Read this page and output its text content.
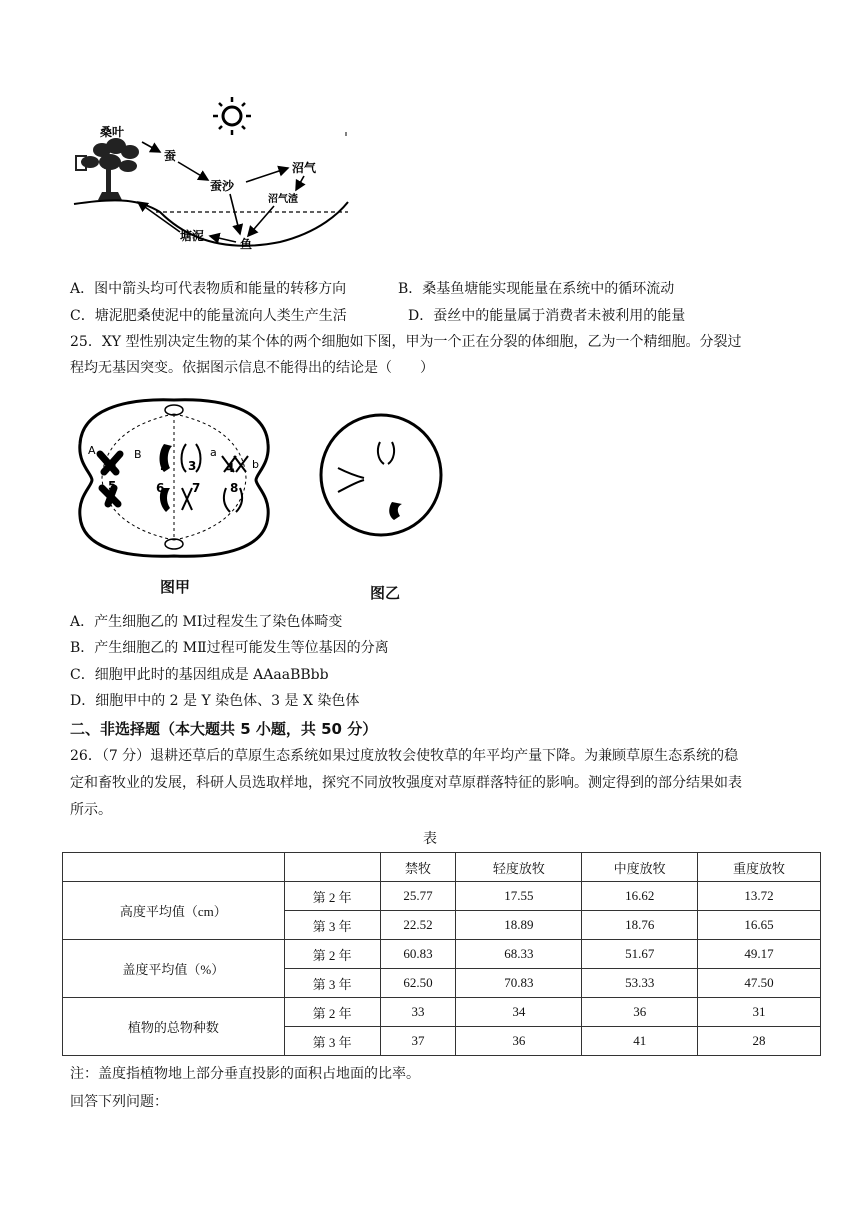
桑叶
蚕
蚕沙
沼气
沼气渣
塘泥
鱼
A．图中箭头均可代表物质和能量的转移方向	B．桑基鱼塘能实现能量在系统中的循环流动
C．塘泥肥桑使泥中的能量流向人类生产生活	D．蚕丝中的能量属于消费者未被利用的能量
25．XY 型性别决定生物的某个体的两个细胞如下图，甲为一个正在分裂的体细胞，乙为一个精细胞。分裂过
程均无基因突变。依据图示信息不能得出的结论是（　　）
A	B	a
b
1	2 3 4
5	6 7 8
图甲	图乙
A．产生细胞乙的 MⅠ过程发生了染色体畸变
B．产生细胞乙的 MⅡ过程可能发生等位基因的分离
C．细胞甲此时的基因组成是 AAaaBBbb
D．细胞甲中的 2 是 Y 染色体、3 是 X 染色体
二、非选择题（本大题共 5 小题，共 50 分）
26．（7 分）退耕还草后的草原生态系统如果过度放牧会使牧草的年平均产量下降。为兼顾草原生态系统的稳
定和畜牧业的发展，科研人员选取样地，探究不同放牧强度对草原群落特征的影响。测定得到的部分结果如表
所示。
表
		禁牧	轻度放牧	中度放牧	重度放牧
高度平均值（cm）	第 2 年	25.77	17.55	16.62	13.72
	第 3 年	22.52	18.89	18.76	16.65
盖度平均值（%）	第 2 年	60.83	68.33	51.67	49.17
	第 3 年	62.50	70.83	53.33	47.50
植物的总物种数	第 2 年	33	34	36	31
	第 3 年	37	36	41	28
注：盖度指植物地上部分垂直投影的面积占地面的比率。
回答下列问题：
